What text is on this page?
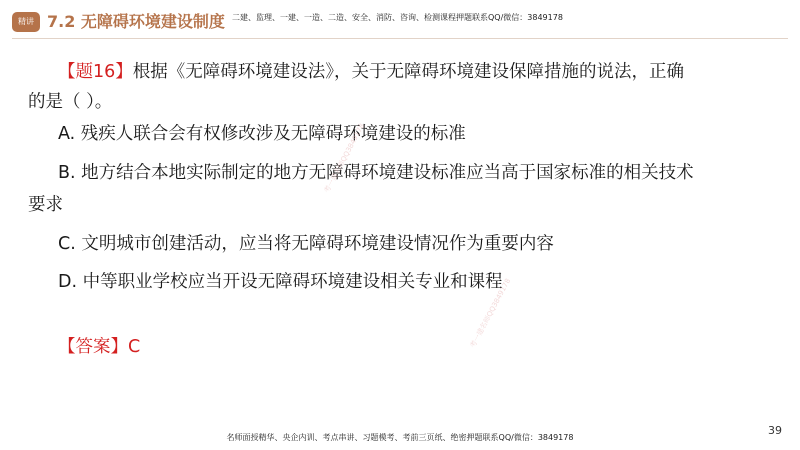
精讲 7.2 无障碍环境建设制度 二建、监理、一建、一造、二造、安全、消防、咨询、检测课程押题联系QQ/微信：3849178
【题16】根据《无障碍环境建设法》，关于无障碍环境建设保障措施的说法，正确
的是（ ）。
A. 残疾人联合会有权修改涉及无障碍环境建设的标准
B. 地方结合本地实际制定的地方无障碍环境建设标准应当高于国家标准的相关技术
要求
C. 文明城市创建活动，应当将无障碍环境建设情况作为重要内容
D. 中等职业学校应当开设无障碍环境建设相关专业和课程
【答案】C
考一建名师QQ3849178
考一建名师QQ3849178
39
名师面授精华、央企内训、考点串讲、习题模考、考前三页纸、绝密押题联系QQ/微信：3849178
